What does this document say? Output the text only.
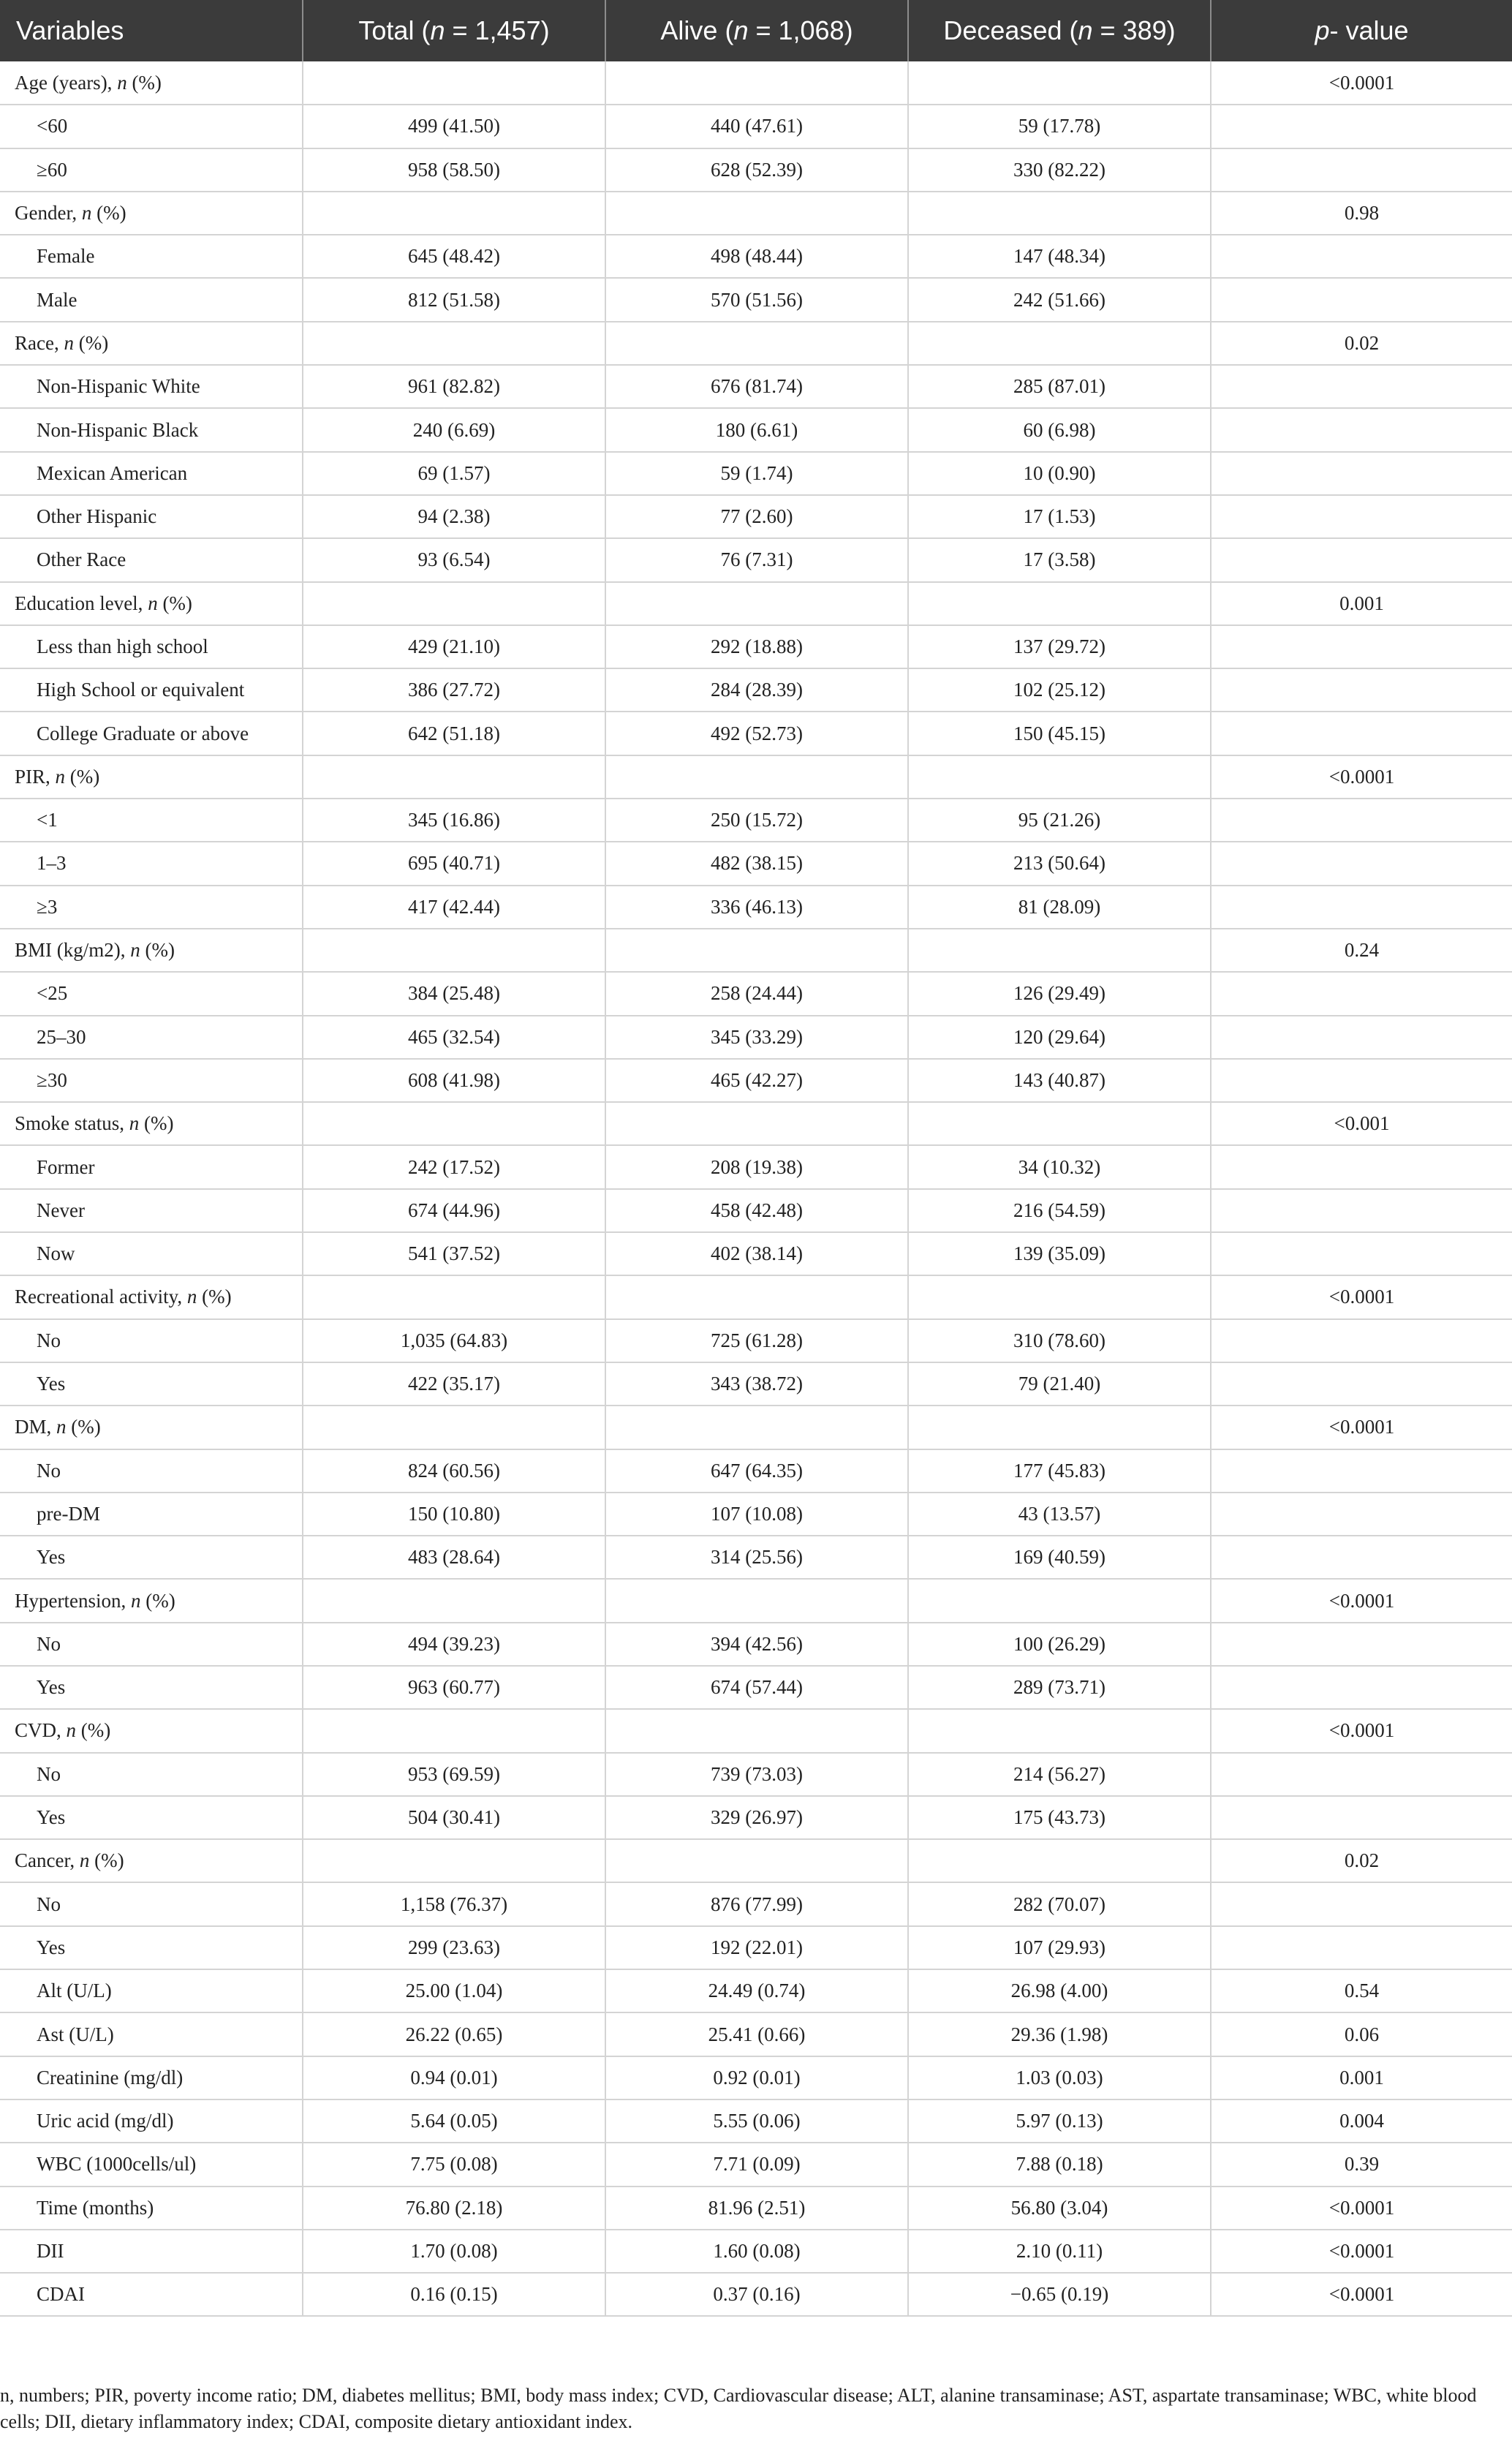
Variables	Total (n = 1,457)	Alive (n = 1,068)	Deceased (n = 389)	p- value
Age (years), n (%)				<0.0001
<60	499 (41.50)	440 (47.61)	59 (17.78)	
≥60	958 (58.50)	628 (52.39)	330 (82.22)	
Gender, n (%)				0.98
Female	645 (48.42)	498 (48.44)	147 (48.34)	
Male	812 (51.58)	570 (51.56)	242 (51.66)	
Race, n (%)				0.02
Non-Hispanic White	961 (82.82)	676 (81.74)	285 (87.01)	
Non-Hispanic Black	240 (6.69)	180 (6.61)	60 (6.98)	
Mexican American	69 (1.57)	59 (1.74)	10 (0.90)	
Other Hispanic	94 (2.38)	77 (2.60)	17 (1.53)	
Other Race	93 (6.54)	76 (7.31)	17 (3.58)	
Education level, n (%)				0.001
Less than high school	429 (21.10)	292 (18.88)	137 (29.72)	
High School or equivalent	386 (27.72)	284 (28.39)	102 (25.12)	
College Graduate or above	642 (51.18)	492 (52.73)	150 (45.15)	
PIR, n (%)				<0.0001
<1	345 (16.86)	250 (15.72)	95 (21.26)	
1–3	695 (40.71)	482 (38.15)	213 (50.64)	
≥3	417 (42.44)	336 (46.13)	81 (28.09)	
BMI (kg/m2), n (%)				0.24
<25	384 (25.48)	258 (24.44)	126 (29.49)	
25–30	465 (32.54)	345 (33.29)	120 (29.64)	
≥30	608 (41.98)	465 (42.27)	143 (40.87)	
Smoke status, n (%)				<0.001
Former	242 (17.52)	208 (19.38)	34 (10.32)	
Never	674 (44.96)	458 (42.48)	216 (54.59)	
Now	541 (37.52)	402 (38.14)	139 (35.09)	
Recreational activity, n (%)				<0.0001
No	1,035 (64.83)	725 (61.28)	310 (78.60)	
Yes	422 (35.17)	343 (38.72)	79 (21.40)	
DM, n (%)				<0.0001
No	824 (60.56)	647 (64.35)	177 (45.83)	
pre-DM	150 (10.80)	107 (10.08)	43 (13.57)	
Yes	483 (28.64)	314 (25.56)	169 (40.59)	
Hypertension, n (%)				<0.0001
No	494 (39.23)	394 (42.56)	100 (26.29)	
Yes	963 (60.77)	674 (57.44)	289 (73.71)	
CVD, n (%)				<0.0001
No	953 (69.59)	739 (73.03)	214 (56.27)	
Yes	504 (30.41)	329 (26.97)	175 (43.73)	
Cancer, n (%)				0.02
No	1,158 (76.37)	876 (77.99)	282 (70.07)	
Yes	299 (23.63)	192 (22.01)	107 (29.93)	
Alt (U/L)	25.00 (1.04)	24.49 (0.74)	26.98 (4.00)	0.54
Ast (U/L)	26.22 (0.65)	25.41 (0.66)	29.36 (1.98)	0.06
Creatinine (mg/dl)	0.94 (0.01)	0.92 (0.01)	1.03 (0.03)	0.001
Uric acid (mg/dl)	5.64 (0.05)	5.55 (0.06)	5.97 (0.13)	0.004
WBC (1000cells/ul)	7.75 (0.08)	7.71 (0.09)	7.88 (0.18)	0.39
Time (months)	76.80 (2.18)	81.96 (2.51)	56.80 (3.04)	<0.0001
DII	1.70 (0.08)	1.60 (0.08)	2.10 (0.11)	<0.0001
CDAI	0.16 (0.15)	0.37 (0.16)	−0.65 (0.19)	<0.0001
n, numbers; PIR, poverty income ratio; DM, diabetes mellitus; BMI, body mass index; CVD, Cardiovascular disease; ALT, alanine transaminase; AST, aspartate transaminase; WBC, white blood cells; DII, dietary inflammatory index; CDAI, composite dietary antioxidant index.
